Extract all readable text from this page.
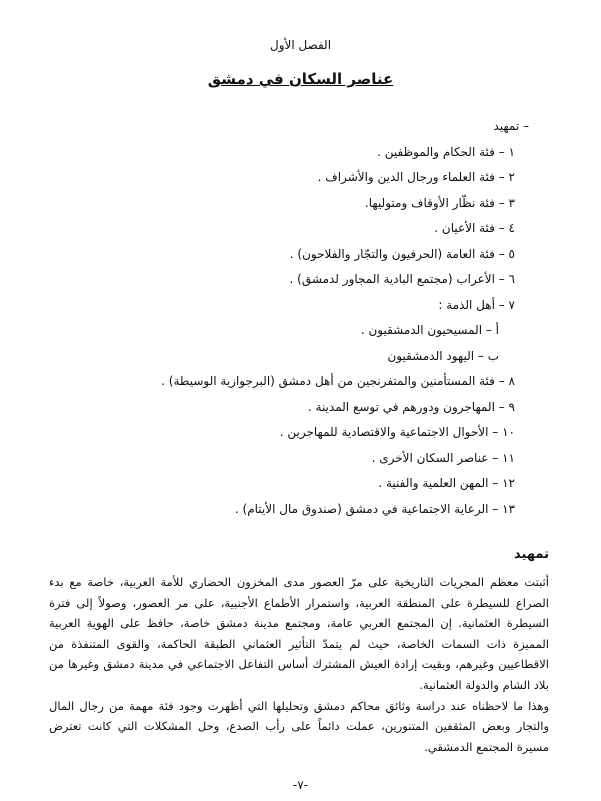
الفصل الأول
عناصر السكان في دمشق
– تمهيد
١ – فئة الحكام والموظفين .
٢ – فئة العلماء ورجال الدين والأشراف .
٣ – فئة نظّار الأوقاف ومتوليها.
٤ – فئة الأعيان .
٥ – فئة العامة (الحرفيون والتجّار والفلاحون) .
٦ – الأعراب (مجتمع البادية المجاور لدمشق) .
٧ – أهل الذمة :
أ – المسيحيون الدمشقيون .
ب – اليهود الدمشقيون
٨ – فئة المستأمنين والمتفرنجين من أهل دمشق (البرجوازية الوسيطة) .
٩ – المهاجرون ودورهم في توسع المدينة .
١٠ – الأحوال الاجتماعية والاقتصادية للمهاجرين .
١١ – عناصر السكان الأخرى .
١٢ – المهن العلمية والفنية .
١٣ – الرعاية الاجتماعية في دمشق (صندوق مال الأيتام) .
تمهيد

أثبتت معظم المجريات التاريخية على مرّ العصور مدى المخزون الحضاري للأمة العربية، خاصة مع بدء الصراع للسيطرة على المنطقة العربية، واستمرار الأطماع الأجنبية، على مر العصور، وصولاً إلى فترة السيطرة العثمانية. إن المجتمع العربي عامة، ومجتمع مدينة دمشق خاصة، حافظ على الهوية العربية المميزة ذات السمات الخاصة، حيث لم يتمدّ التأثير العثماني الطبقة الحاكمة، والقوى المتنفذة من الاقطاعيين وغيرهم، وبقيت إرادة العيش المشترك أساس التفاعل الاجتماعي في مدينة دمشق وغيرها من بلاد الشام والدولة العثمانية.

وهذا ما لاحظناه عند دراسة وثائق محاكم دمشق وتحليلها التي أظهرت وجود فئة مهمة من رجال المال والتجار وبعض المثقفين المتنورين، عملت دائماً على رأب الصدع، وحل المشكلات التي كانت تعترض مسيرة المجتمع الدمشقي.

-٧-
